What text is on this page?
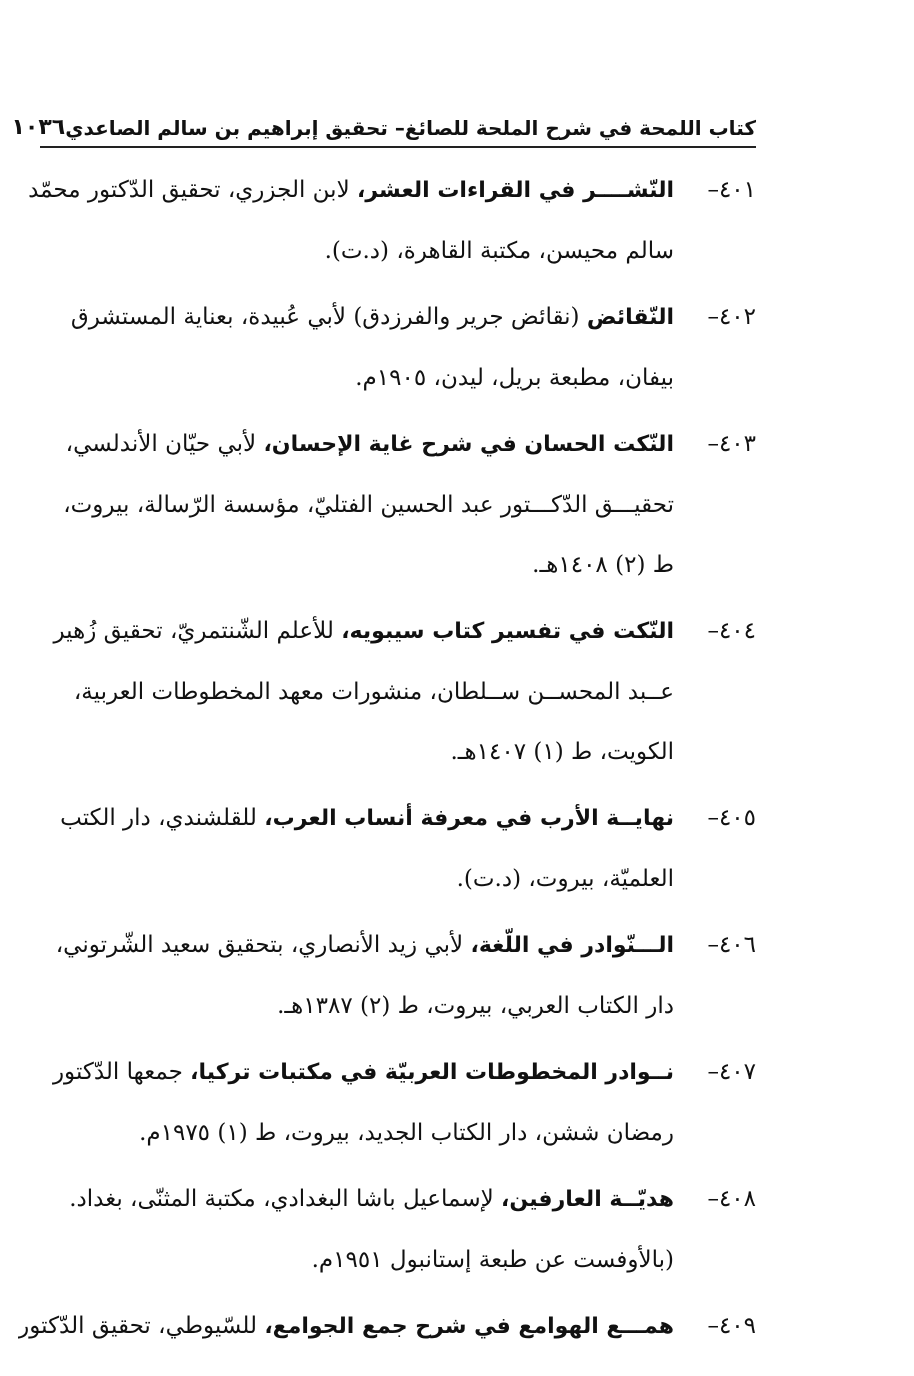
كتاب اللمحة في شرح الملحة للصائغ– تحقيق إبراهيم بن سالم الصاعدي
١٠٣٦
٤٠١–
النّشــــر في القراءات العشر، لابن الجزري، تحقيق الدّكتور محمّد
سالم محيسن، مكتبة القاهرة، (د.ت).
٤٠٢–
النّقائض (نقائض جرير والفرزدق) لأبي عُبيدة، بعناية المستشرق
بيفان، مطبعة بريل، ليدن، ١٩٠٥م.
٤٠٣–
النّكت الحسان في شرح غاية الإحسان، لأبي حيّان الأندلسي،
تحقيـــق الدّكـــتور عبد الحسين الفتليّ، مؤسسة الرّسالة، بيروت،
ط (٢) ١٤٠٨هـ.
٤٠٤–
النّكت في تفسير كتاب سيبويه، للأعلم الشّنتمريّ، تحقيق زُهير
عــبد المحســن ســلطان، منشورات معهد المخطوطات العربية،
الكويت، ط (١) ١٤٠٧هـ.
٤٠٥–
نهايــة الأرب في معرفة أنساب العرب، للقلشندي، دار الكتب
العلميّة، بيروت، (د.ت).
٤٠٦–
الـــنّوادر في اللّغة، لأبي زيد الأنصاري، بتحقيق سعيد الشّرتوني،
دار الكتاب العربي، بيروت، ط (٢) ١٣٨٧هـ.
٤٠٧–
نــوادر المخطوطات العربيّة في مكتبات تركيا، جمعها الدّكتور
رمضان ششن، دار الكتاب الجديد، بيروت، ط (١) ١٩٧٥م.
٤٠٨–
هديّــة العارفين، لإسماعيل باشا البغدادي، مكتبة المثنّى، بغداد.
(بالأوفست عن طبعة إستانبول ١٩٥١م.
٤٠٩–
همـــع الهوامع في شرح جمع الجوامع، للسّيوطي، تحقيق الدّكتور
